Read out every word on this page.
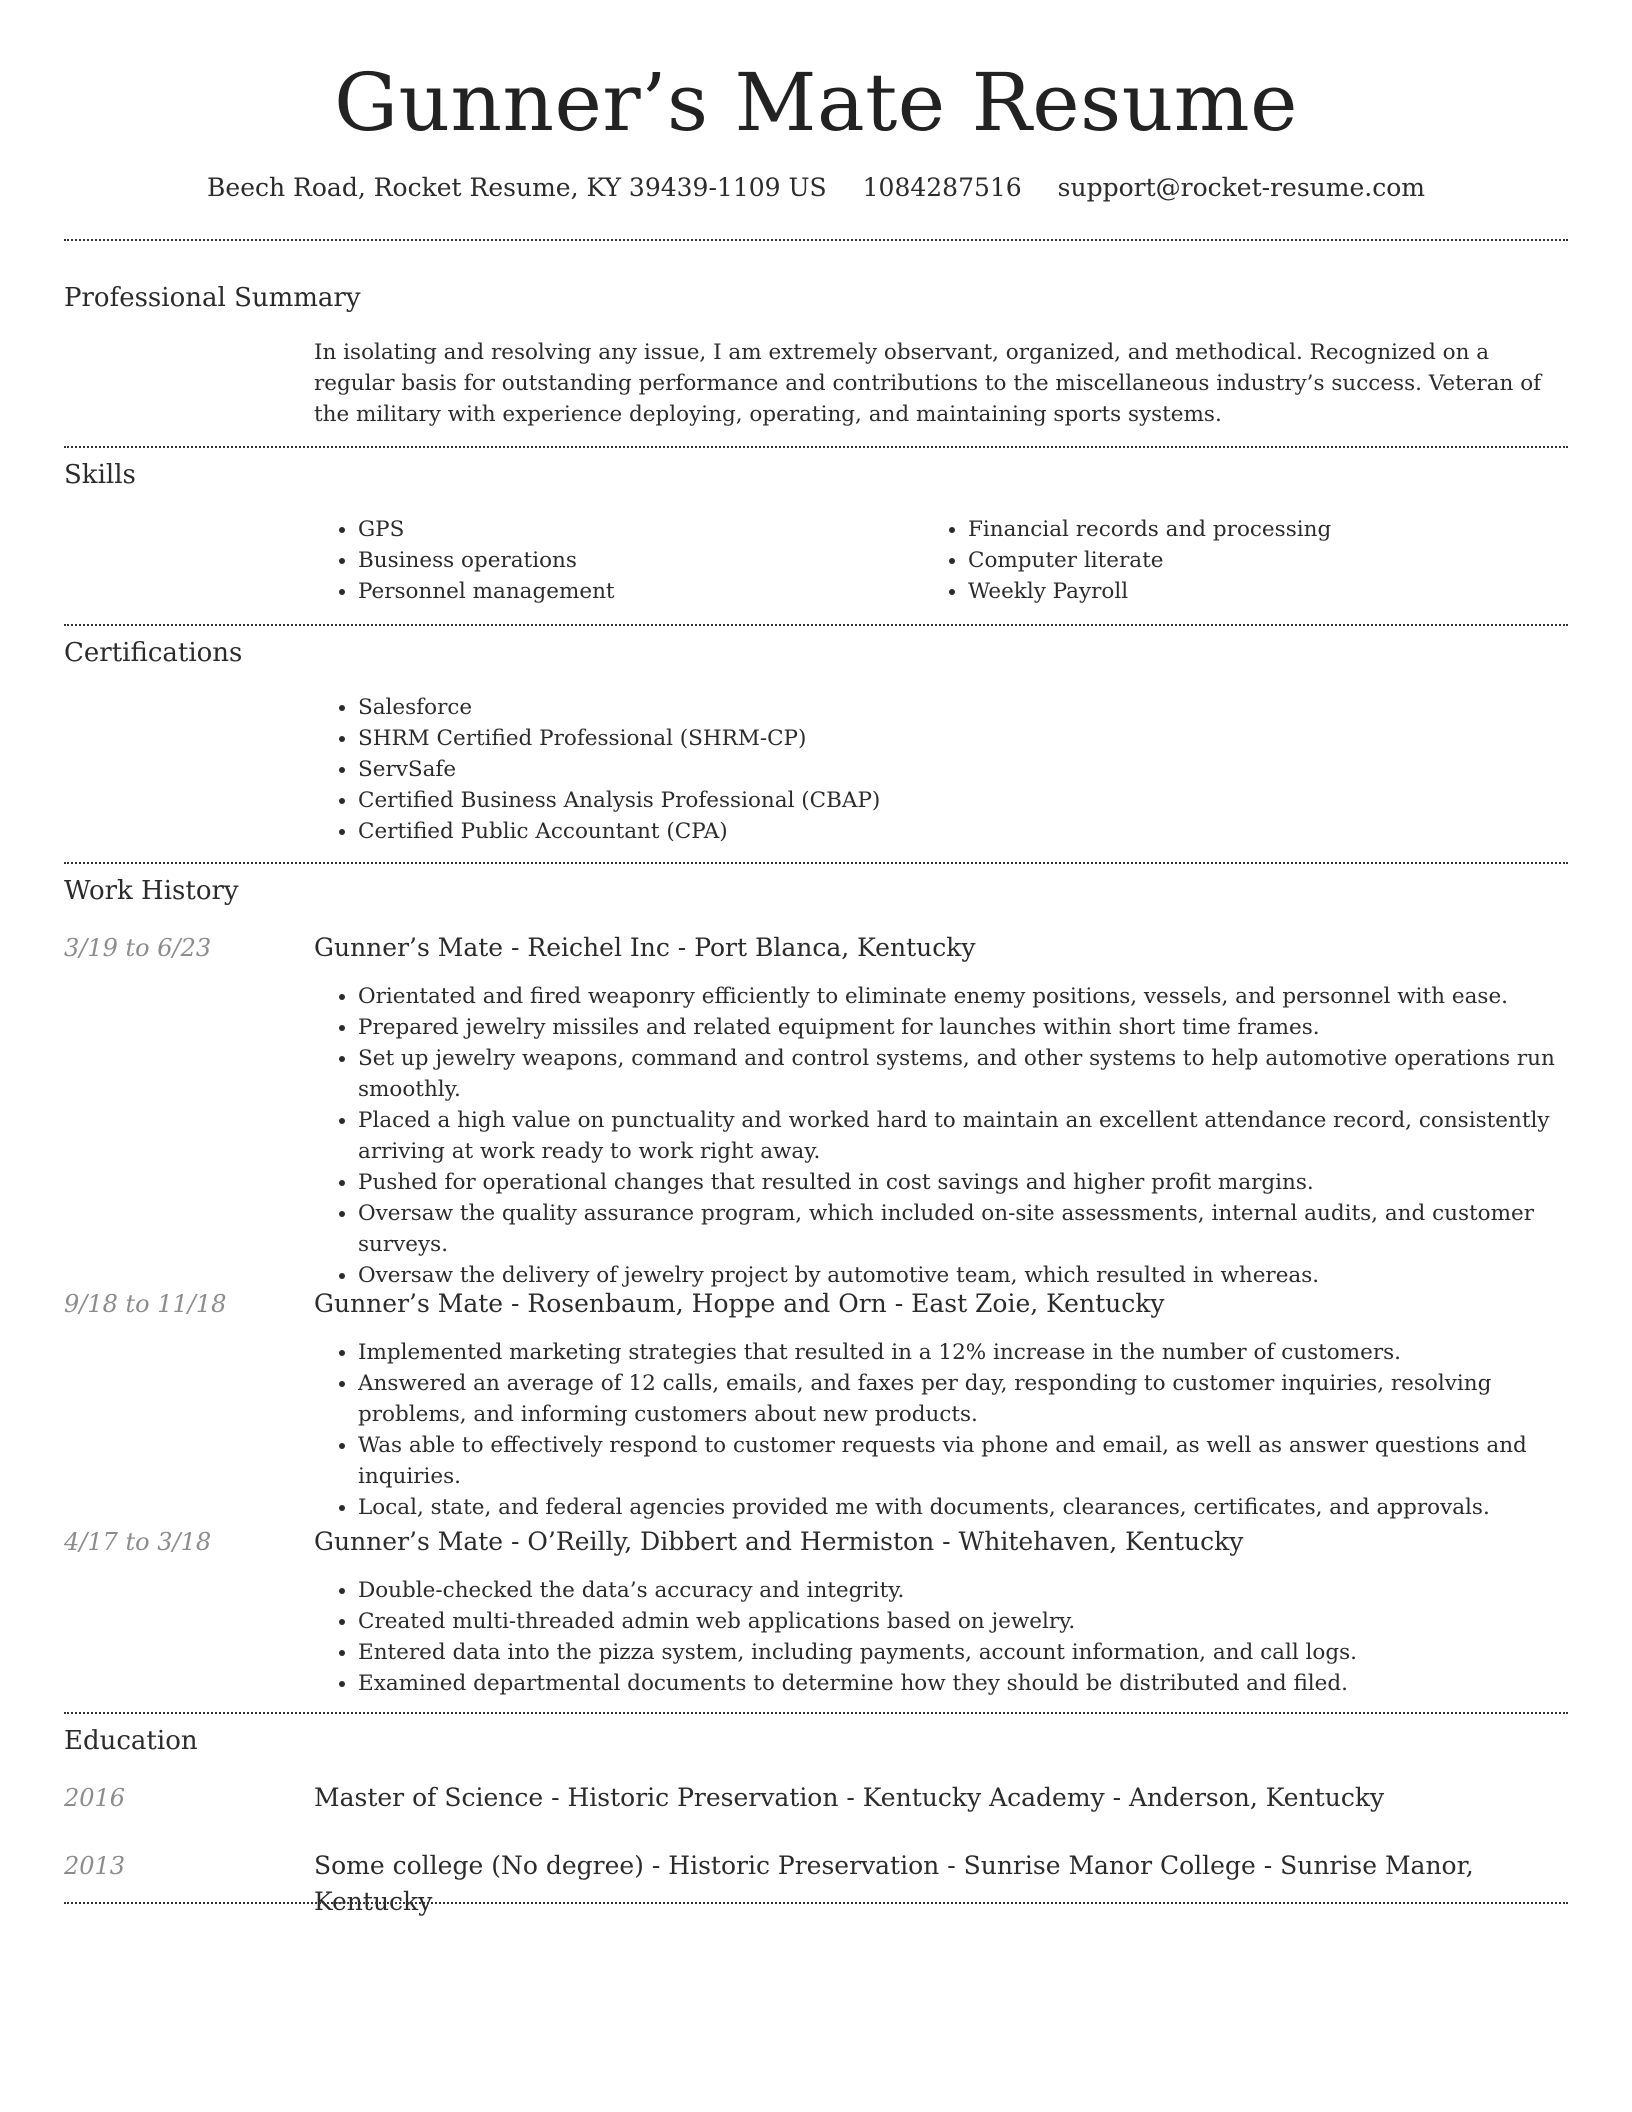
Gunner’s Mate Resume
Beech Road, Rocket Resume, KY 39439-1109 US 1084287516 support@rocket-resume.com
Professional Summary
In isolating and resolving any issue, I am extremely observant, organized, and methodical. Recognized on a regular basis for outstanding performance and contributions to the miscellaneous industry’s success. Veteran of the military with experience deploying, operating, and maintaining sports systems.
Skills
• GPS
• Business operations
• Personnel management
• Financial records and processing
• Computer literate
• Weekly Payroll
Certifications
• Salesforce
• SHRM Certified Professional (SHRM-CP)
• ServSafe
• Certified Business Analysis Professional (CBAP)
• Certified Public Accountant (CPA)
Work History
3/19 to 6/23	Gunner’s Mate - Reichel Inc - Port Blanca, Kentucky
• Orientated and fired weaponry efficiently to eliminate enemy positions, vessels, and personnel with ease.
• Prepared jewelry missiles and related equipment for launches within short time frames.
• Set up jewelry weapons, command and control systems, and other systems to help automotive operations run smoothly.
• Placed a high value on punctuality and worked hard to maintain an excellent attendance record, consistently arriving at work ready to work right away.
• Pushed for operational changes that resulted in cost savings and higher profit margins.
• Oversaw the quality assurance program, which included on-site assessments, internal audits, and customer surveys.
• Oversaw the delivery of jewelry project by automotive team, which resulted in whereas.
9/18 to 11/18	Gunner’s Mate - Rosenbaum, Hoppe and Orn - East Zoie, Kentucky
• Implemented marketing strategies that resulted in a 12% increase in the number of customers.
• Answered an average of 12 calls, emails, and faxes per day, responding to customer inquiries, resolving problems, and informing customers about new products.
• Was able to effectively respond to customer requests via phone and email, as well as answer questions and inquiries.
• Local, state, and federal agencies provided me with documents, clearances, certificates, and approvals.
4/17 to 3/18	Gunner’s Mate - O’Reilly, Dibbert and Hermiston - Whitehaven, Kentucky
• Double-checked the data’s accuracy and integrity.
• Created multi-threaded admin web applications based on jewelry.
• Entered data into the pizza system, including payments, account information, and call logs.
• Examined departmental documents to determine how they should be distributed and filed.
Education
2016	Master of Science - Historic Preservation - Kentucky Academy - Anderson, Kentucky
2013	Some college (No degree) - Historic Preservation - Sunrise Manor College - Sunrise Manor, Kentucky
